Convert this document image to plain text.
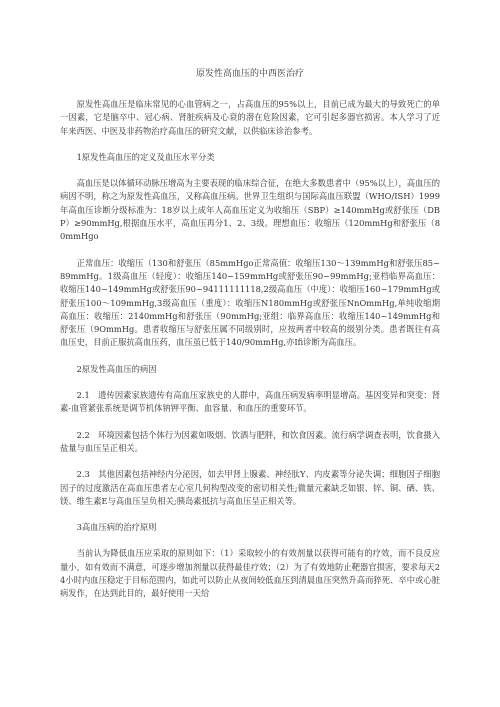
原发性高血压的中西医治疗

原发性高血压是临床常见的心血管病之一，占高血压的95%以上，目前已成为最大的导致死亡的单一因素，它是脑卒中、冠心病、肾脏疾病及心衰的潜在危险因素，它可引起多器官损害。本人学习了近年来西医、中医及非药物治疗高血压的研究文献，以供临床诊治参考。

1原发性高血压的定义及血压水平分类

高血压是以体循环动脉压增高为主要表现的临床综合征，在绝大多数患者中（95%以上），高血压的病因不明，称之为原发性高血压，又称高血压病。世界卫生组织与国际高血压联盟（WHO/ISH）1999年高血压诊断分级标准为：18岁以上成年人高血压定义为收缩压（SBP）≥140mmHg或舒张压（DBP）≥90mmHg,根据血压水平，高血压再分1、2、3级。理想血压：收缩压（120mmHg和舒张压（80mmHgo

正常血压：收缩压（130和舒张压（85mmHgo正常高值：收缩压130～139mmHg和舒张压85~89mmHg。1级高血压（轻度）：收缩压140~159mmHg或舒张压90~99mmHg;亚档临界高血压：收缩压140~149mmHg或舒张压90~94111111118,2级高血压（中度）：收缩压160~179mmHg或舒张压100～109mmHg,3级高血压（重度）：收缩压N180mmHg或舒张压NnOmmHg,单纯收缩期高血压：收缩压：2140mmHg和舒张压（90mmHg;亚组：临界高血压：收缩压140~149mmHg和舒张压（9OmmHg。患者收缩压与舒张压属不同级别时，应按两者中较高的级别分类。患者既往有高血压史，目前正服抗高血压药，血压虽已低于140/90mmHg,亦Ifi诊断为高血压。

2原发性高血压的病因

2.1　遗传因素家族遗传有高血压家族史的人群中，高血压病发病率明显增高。基因变异和突变：肾素-血管紧张系统是调节机体钠钾平衡、血容量、和血压的重要环节。

2.2　环境因素包括个体行为因素如吸烟、饮酒与肥胖，和饮食因素。流行病学调查表明，饮食摄入盐量与血压呈正相关。

2.3　其他因素包括神经内分泌因，如去甲肾上腺素、神经肽Y、内皮素等分泌失调；细胞因子细胞因子的过度激活在高血压患者左心室几何构型改变的密切相关性;微量元素缺乏如银、锌、铜、硒、铁、镁、维生素E与高血压呈负相关;胰岛素抵抗与高血压呈正相关等。

3高血压病的治疗原则

当前认为降低血压应采取的原则如下：（1）采取较小的有效剂量以获得可能有的疗效，而不良反应量小，如有效而不满意，可逐步增加剂量以获得最佳疗效；（2）为了有效地防止靶器官损害，要求每天24小时内血压稳定于目标范围内，如此可以防止从夜间较低血压到清晨血压突然升高而猝死、卒中或心脏病发作，在达到此目的，最好使用一天给
